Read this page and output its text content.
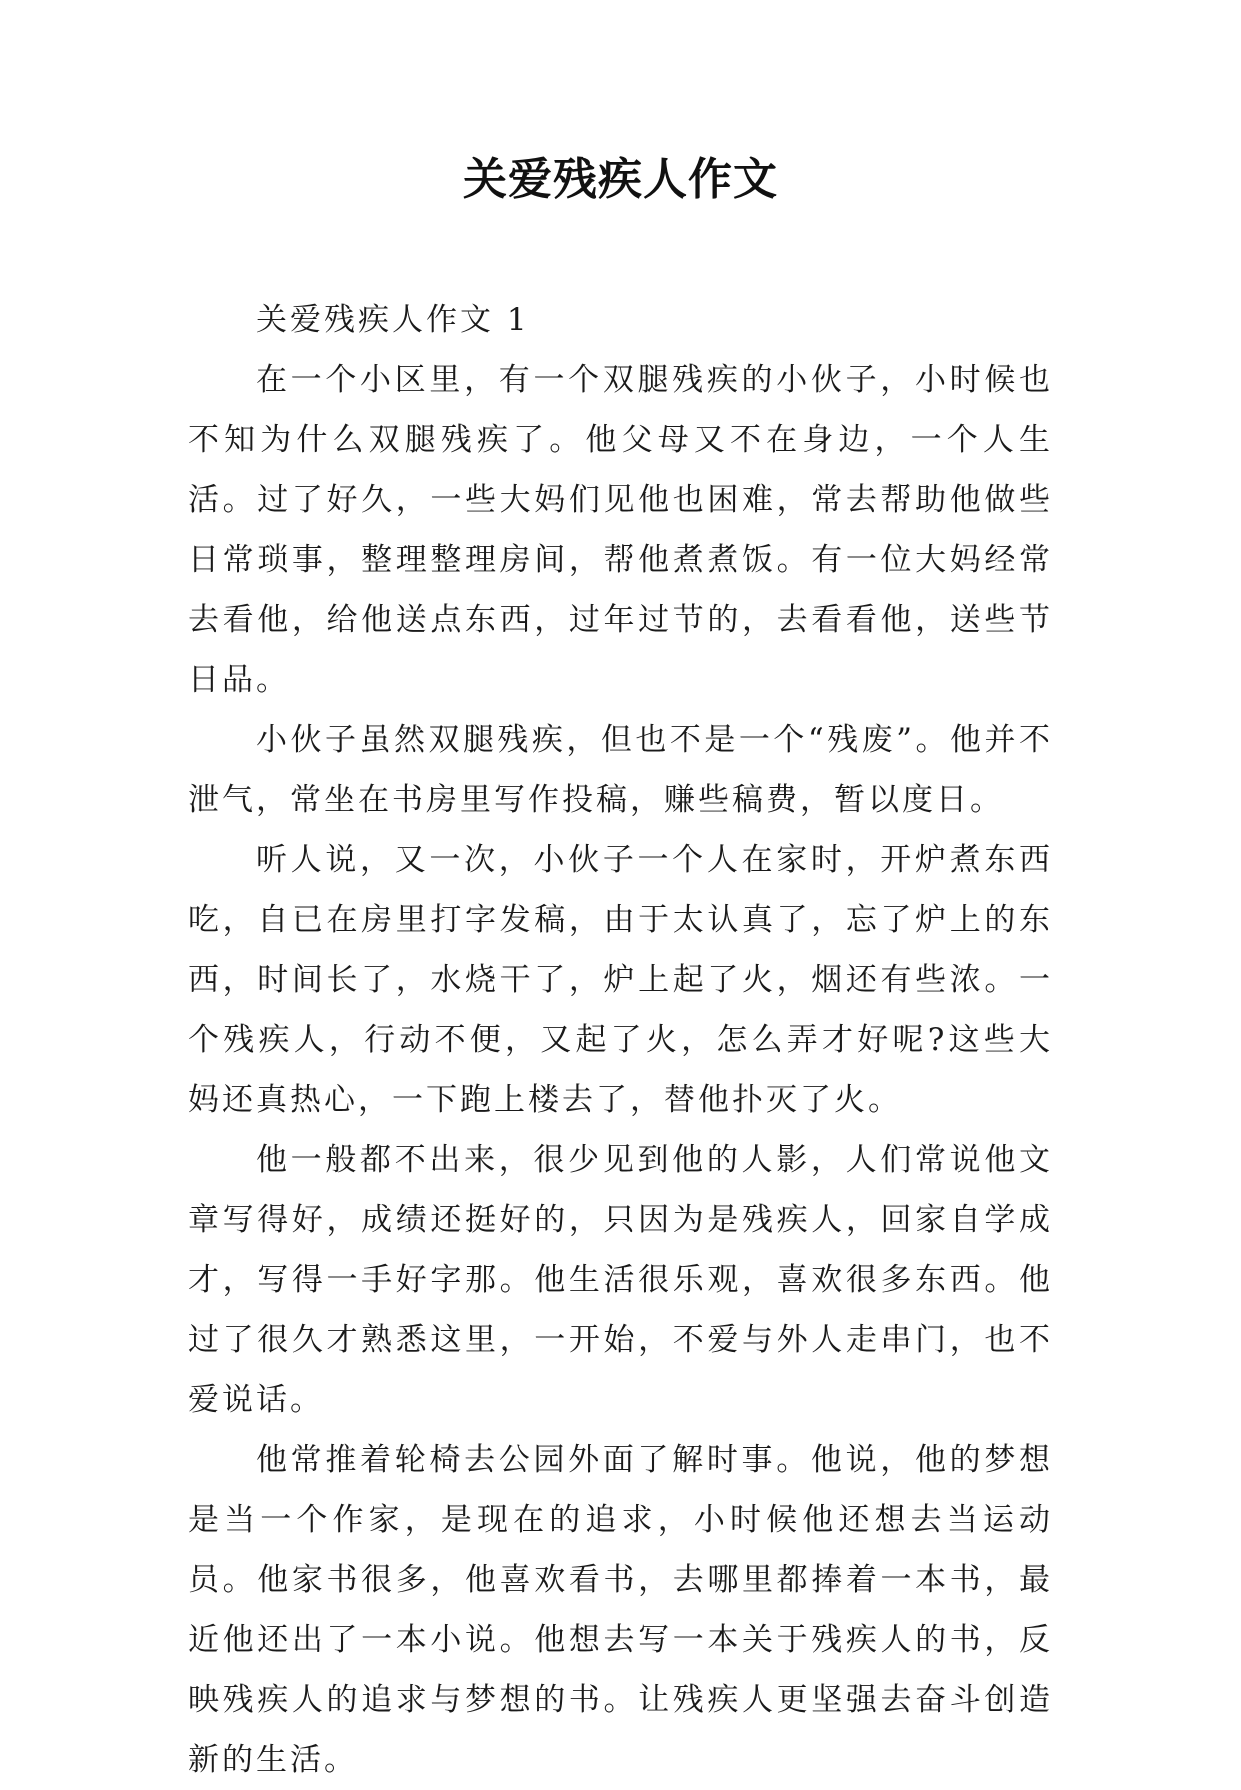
关爱残疾人作文

关爱残疾人作文 1

在一个小区里，有一个双腿残疾的小伙子，小时候也不知为什么双腿残疾了。他父母又不在身边，一个人生活。过了好久，一些大妈们见他也困难，常去帮助他做些日常琐事，整理整理房间，帮他煮煮饭。有一位大妈经常去看他，给他送点东西，过年过节的，去看看他，送些节日品。

小伙子虽然双腿残疾，但也不是一个“残废”。他并不泄气，常坐在书房里写作投稿，赚些稿费，暂以度日。

听人说，又一次，小伙子一个人在家时，开炉煮东西吃，自已在房里打字发稿，由于太认真了，忘了炉上的东西，时间长了，水烧干了，炉上起了火，烟还有些浓。一个残疾人，行动不便，又起了火，怎么弄才好呢?这些大妈还真热心，一下跑上楼去了，替他扑灭了火。

他一般都不出来，很少见到他的人影，人们常说他文章写得好，成绩还挺好的，只因为是残疾人，回家自学成才，写得一手好字那。他生活很乐观，喜欢很多东西。他过了很久才熟悉这里，一开始，不爱与外人走串门，也不爱说话。

他常推着轮椅去公园外面了解时事。他说，他的梦想是当一个作家，是现在的追求，小时候他还想去当运动员。他家书很多，他喜欢看书，去哪里都捧着一本书，最近他还出了一本小说。他想去写一本关于残疾人的书，反映残疾人的追求与梦想的书。让残疾人更坚强去奋斗创造新的生活。
